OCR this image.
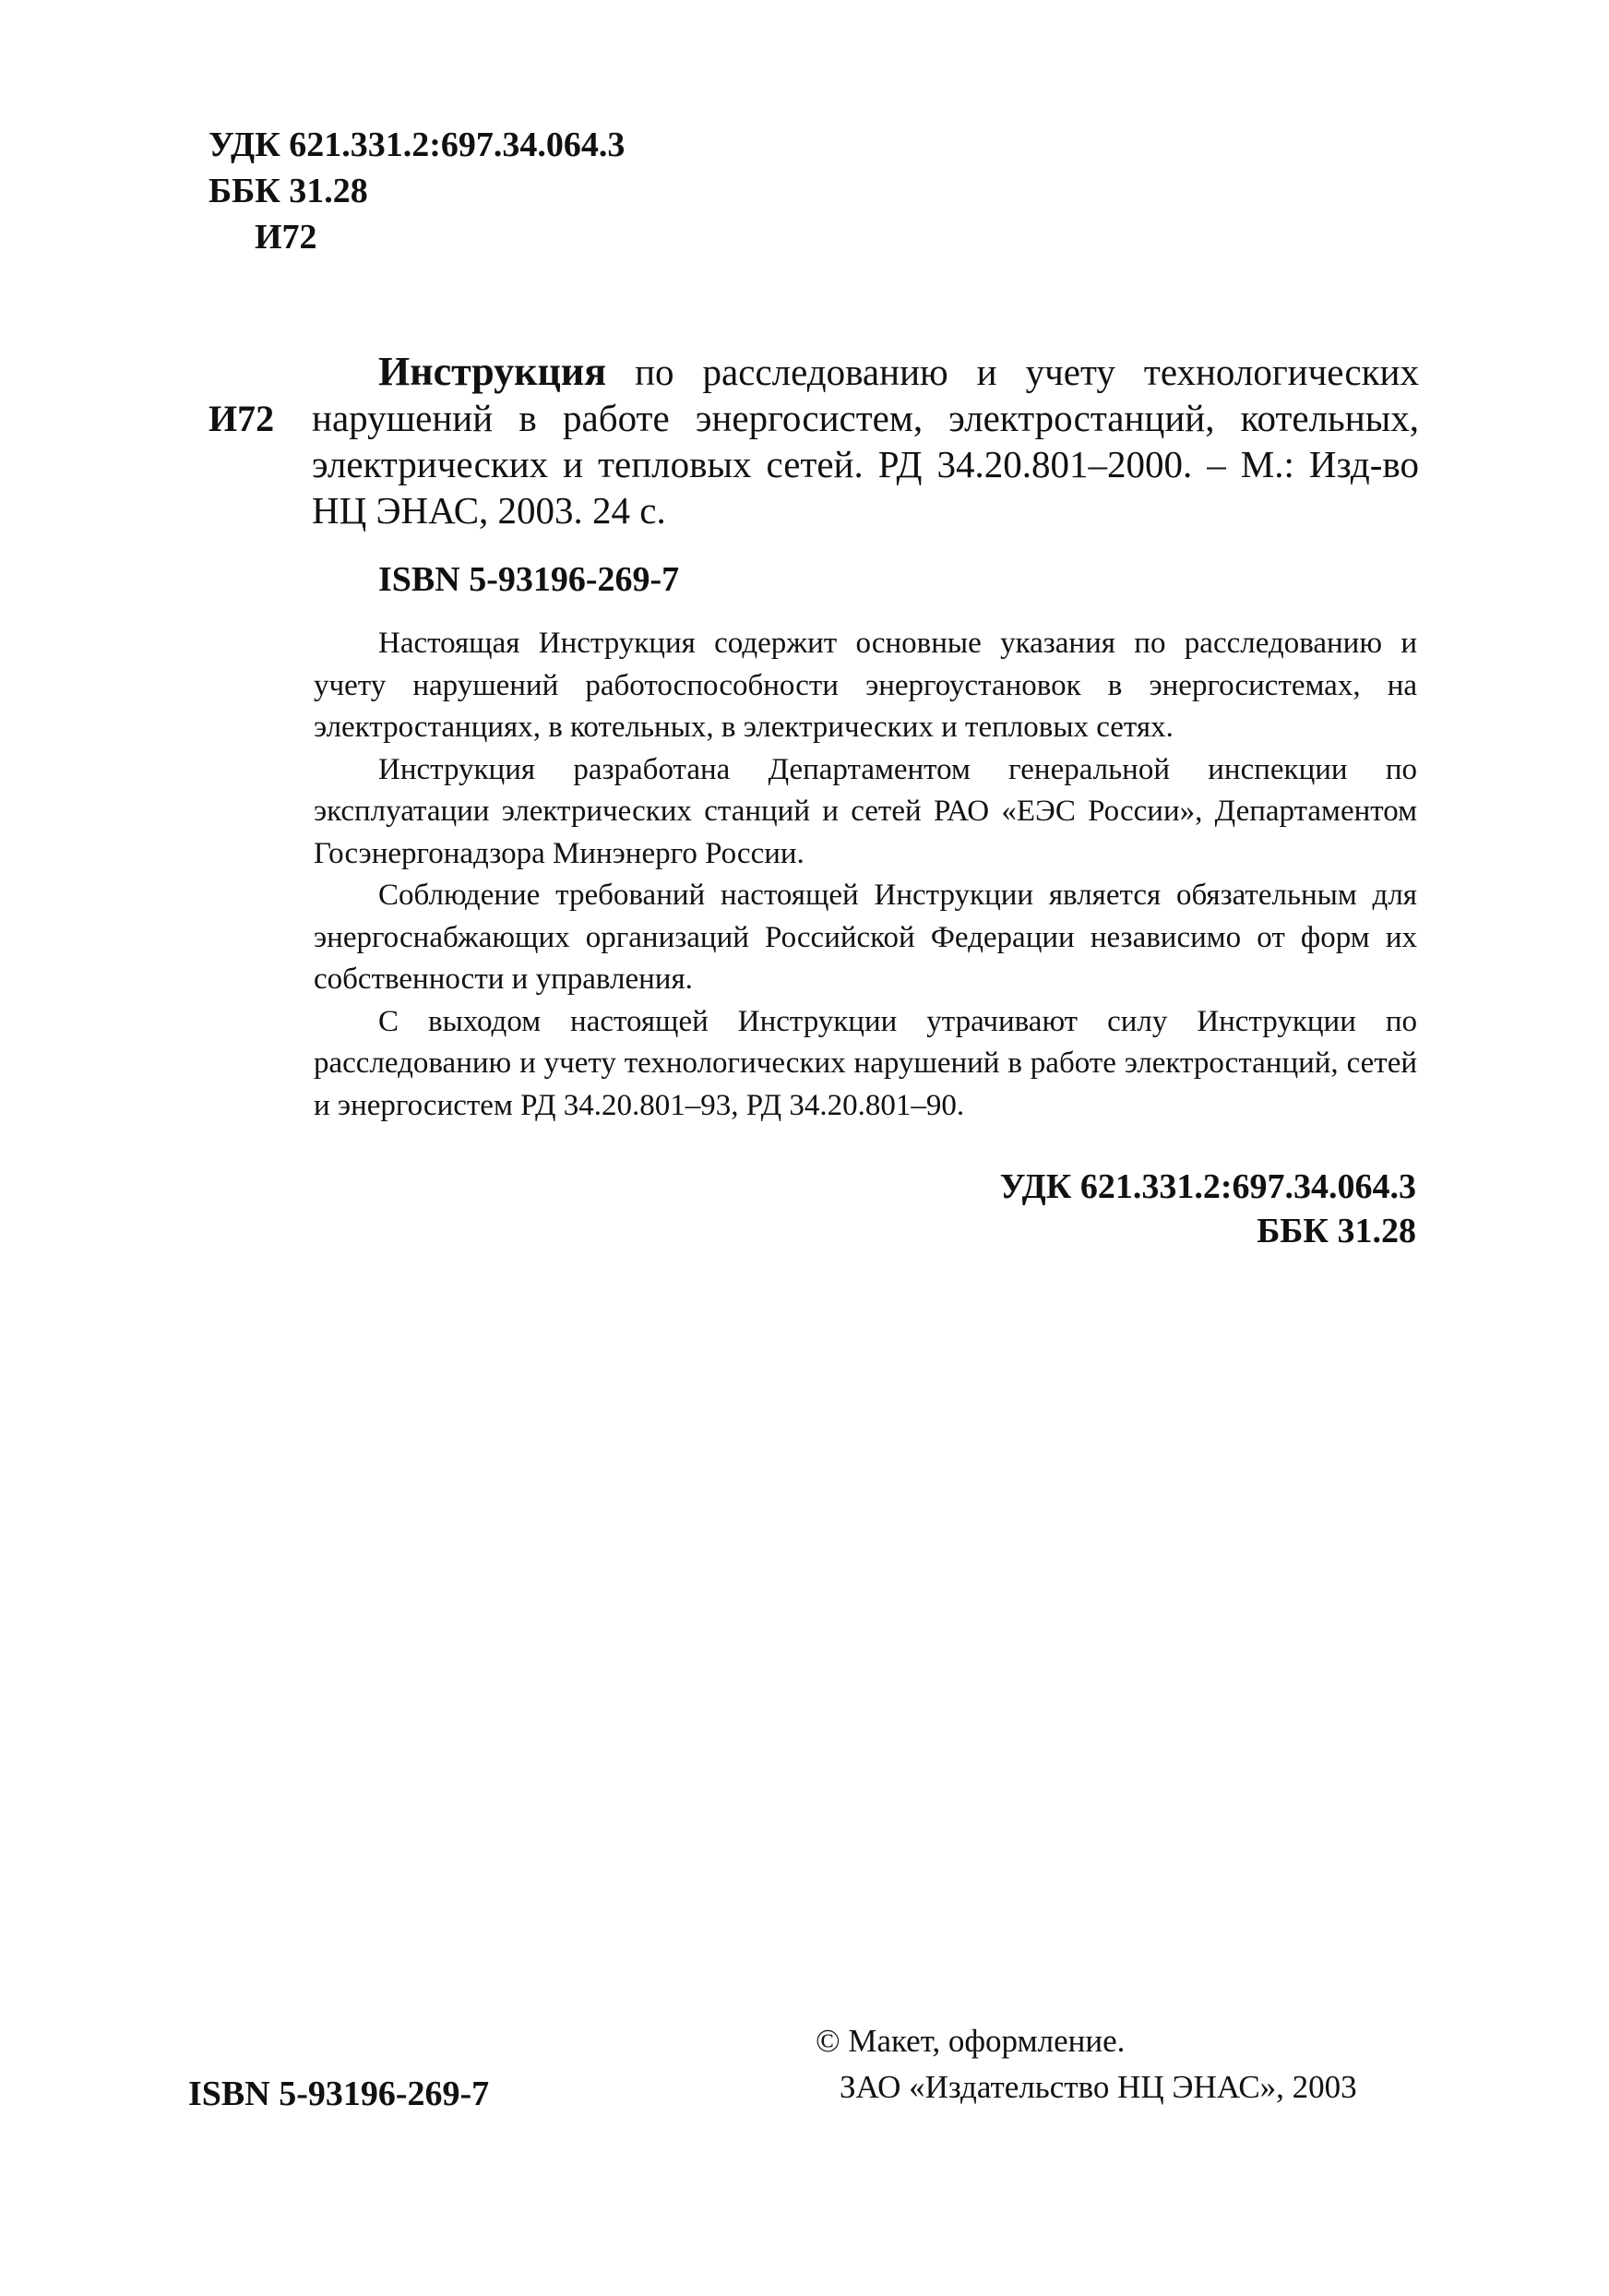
УДК 621.331.2:697.34.064.3
ББК 31.28
И72
И72
Инструкция по расследованию и учету технологических нарушений в работе энергосистем, электростанций, котельных, электрических и тепловых сетей. РД 34.20.801–2000. – М.: Изд-во НЦ ЭНАС, 2003. 24 с.
ISBN 5-93196-269-7

Настоящая Инструкция содержит основные указания по расследованию и учету нарушений работоспособности энергоустановок в энергосистемах, на электростанциях, в котельных, в электрических и тепловых сетях.

Инструкция разработана Департаментом генеральной инспекции по эксплуатации электрических станций и сетей РАО «ЕЭС России», Департаментом Госэнергонадзора Минэнерго России.

Соблюдение требований настоящей Инструкции является обязательным для энергоснабжающих организаций Российской Федерации независимо от форм их собственности и управления.

С выходом настоящей Инструкции утрачивают силу Инструкции по расследованию и учету технологических нарушений в работе электростанций, сетей и энергосистем РД 34.20.801–93, РД 34.20.801–90.

УДК 621.331.2:697.34.064.3
ББК 31.28
ISBN 5-93196-269-7
© Макет, оформление.
ЗАО «Издательство НЦ ЭНАС», 2003
